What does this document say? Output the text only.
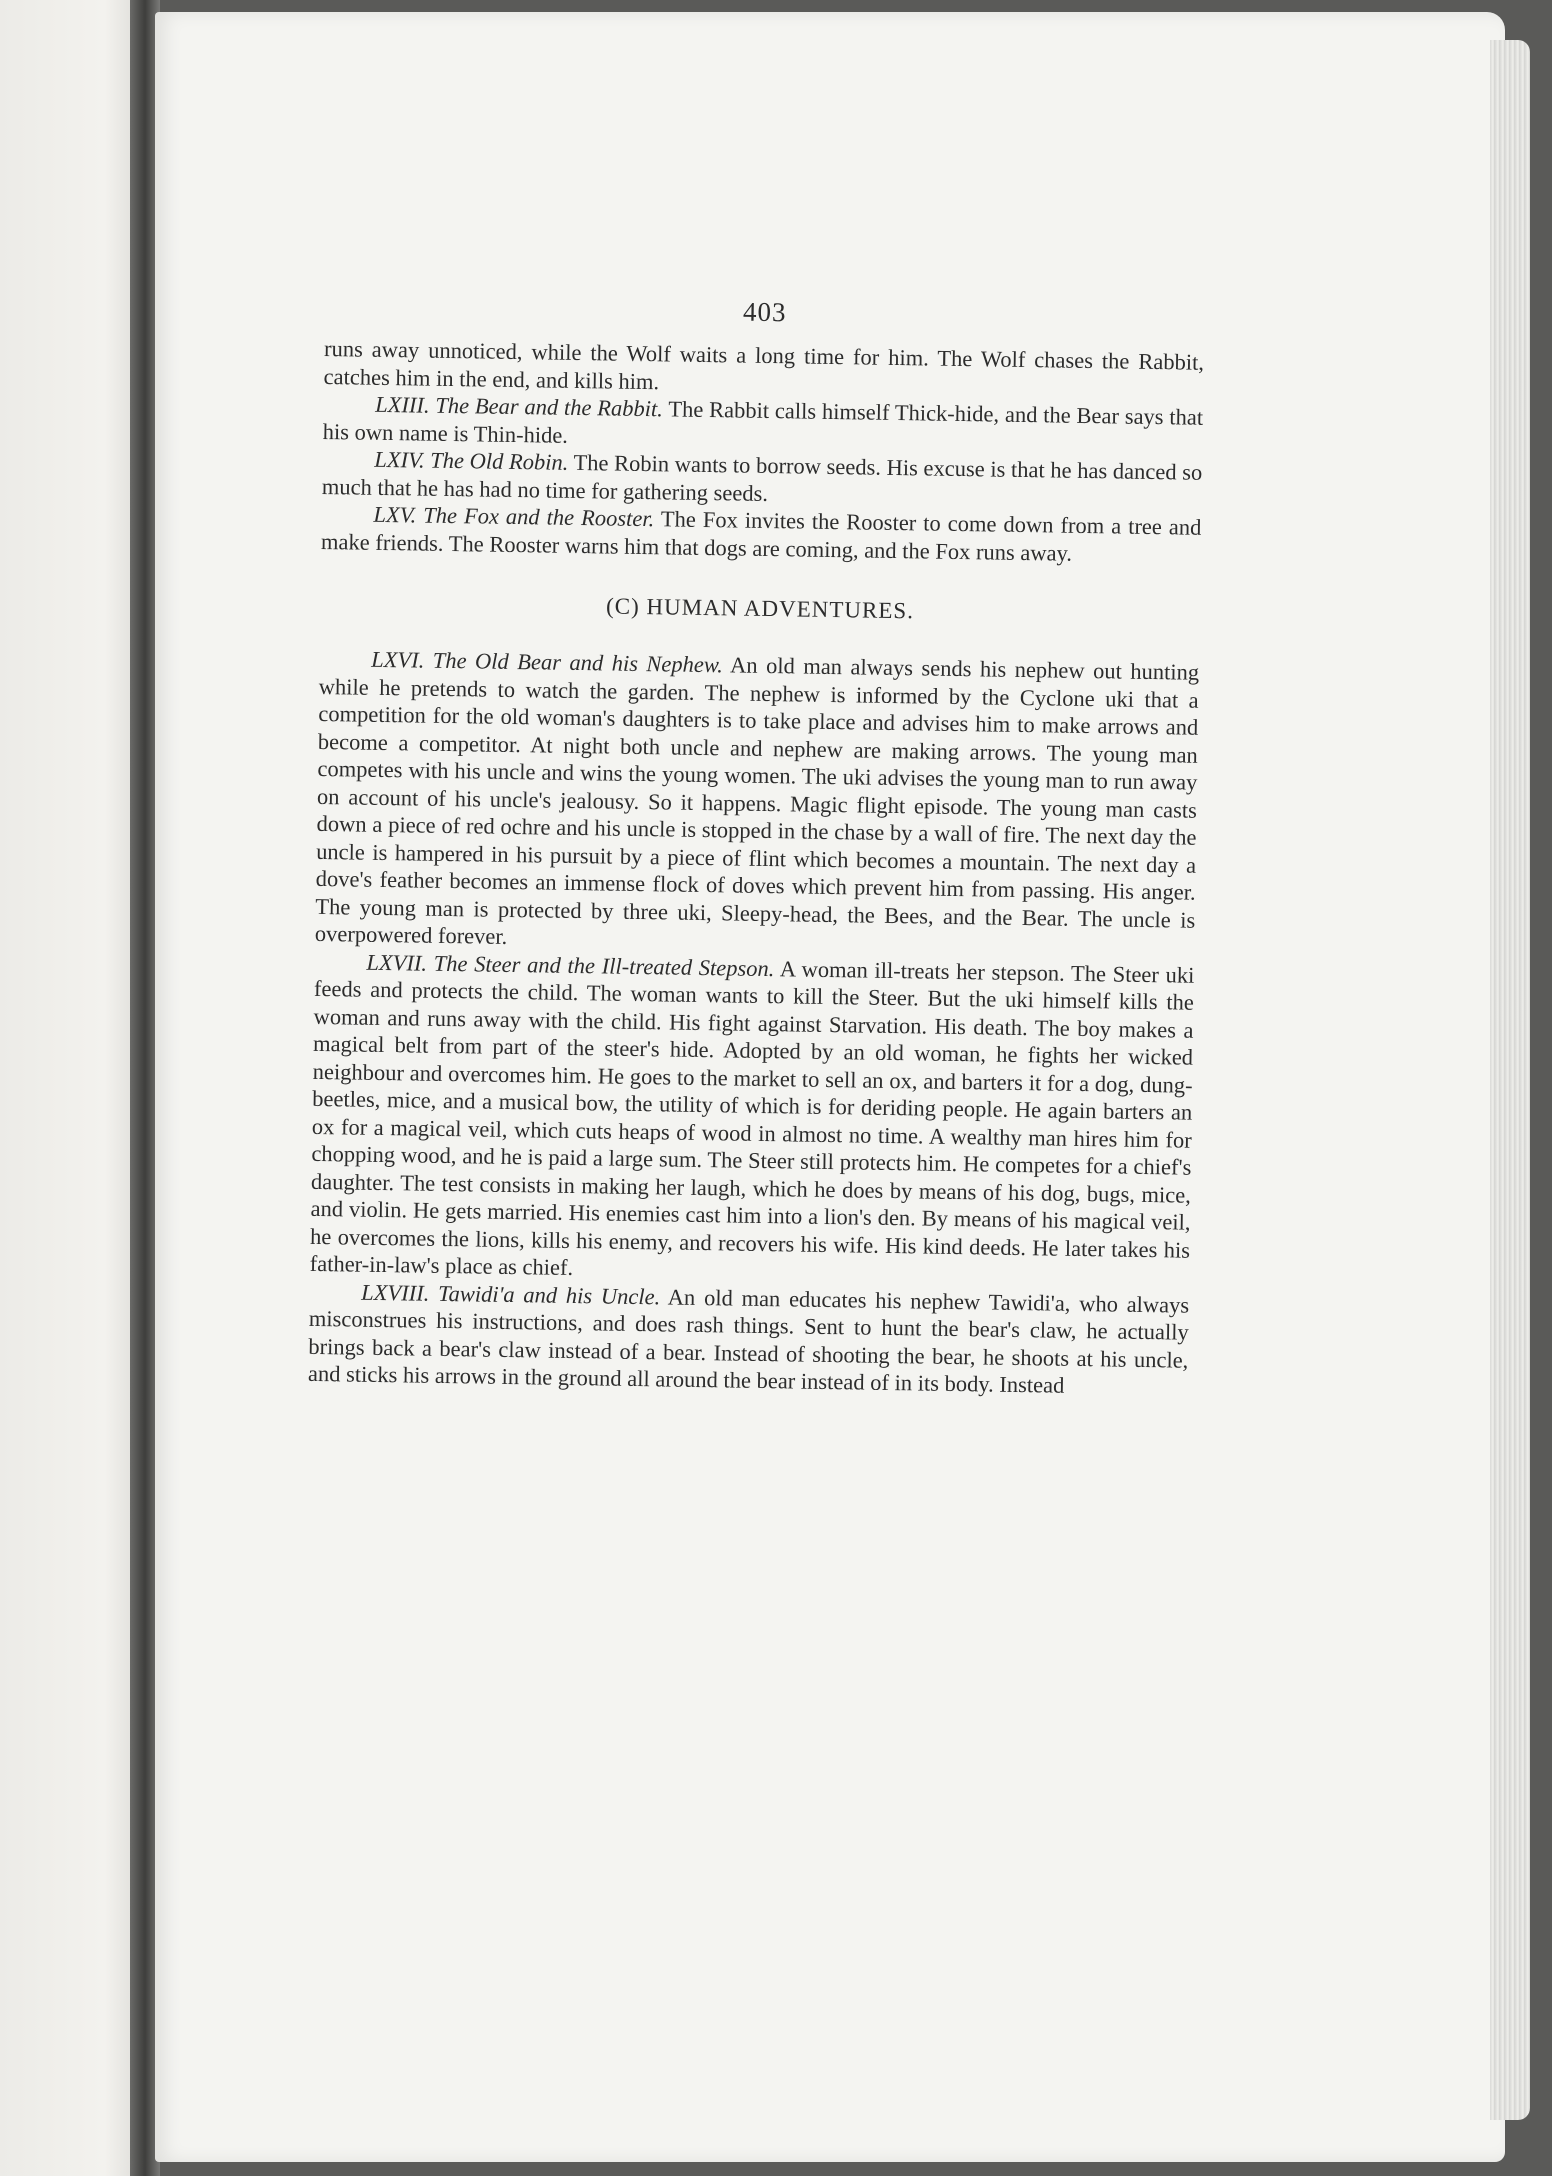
403

runs away unnoticed, while the Wolf waits a long time for him. The Wolf chases the Rabbit, catches him in the end, and kills him.

LXIII. The Bear and the Rabbit. The Rabbit calls himself Thick-hide, and the Bear says that his own name is Thin-hide.

LXIV. The Old Robin. The Robin wants to borrow seeds. His excuse is that he has danced so much that he has had no time for gathering seeds.

LXV. The Fox and the Rooster. The Fox invites the Rooster to come down from a tree and make friends. The Rooster warns him that dogs are coming, and the Fox runs away.

(C) HUMAN ADVENTURES.

LXVI. The Old Bear and his Nephew. An old man always sends his nephew out hunting while he pretends to watch the garden. The nephew is informed by the Cyclone uki that a competition for the old woman's daughters is to take place and advises him to make arrows and become a competitor. At night both uncle and nephew are making arrows. The young man competes with his uncle and wins the young women. The uki advises the young man to run away on account of his uncle's jealousy. So it happens. Magic flight episode. The young man casts down a piece of red ochre and his uncle is stopped in the chase by a wall of fire. The next day the uncle is hampered in his pursuit by a piece of flint which becomes a mountain. The next day a dove's feather becomes an immense flock of doves which prevent him from passing. His anger. The young man is protected by three uki, Sleepy-head, the Bees, and the Bear. The uncle is overpowered forever.

LXVII. The Steer and the Ill-treated Stepson. A woman ill-treats her stepson. The Steer uki feeds and protects the child. The woman wants to kill the Steer. But the uki himself kills the woman and runs away with the child. His fight against Starvation. His death. The boy makes a magical belt from part of the steer's hide. Adopted by an old woman, he fights her wicked neighbour and overcomes him. He goes to the market to sell an ox, and barters it for a dog, dung-beetles, mice, and a musical bow, the utility of which is for deriding people. He again barters an ox for a magical veil, which cuts heaps of wood in almost no time. A wealthy man hires him for chopping wood, and he is paid a large sum. The Steer still protects him. He competes for a chief's daughter. The test consists in making her laugh, which he does by means of his dog, bugs, mice, and violin. He gets married. His enemies cast him into a lion's den. By means of his magical veil, he overcomes the lions, kills his enemy, and recovers his wife. His kind deeds. He later takes his father-in-law's place as chief.

LXVIII. Tawidi'a and his Uncle. An old man educates his nephew Tawidi'a, who always misconstrues his instructions, and does rash things. Sent to hunt the bear's claw, he actually brings back a bear's claw instead of a bear. Instead of shooting the bear, he shoots at his uncle, and sticks his arrows in the ground all around the bear instead of in its body. Instead
